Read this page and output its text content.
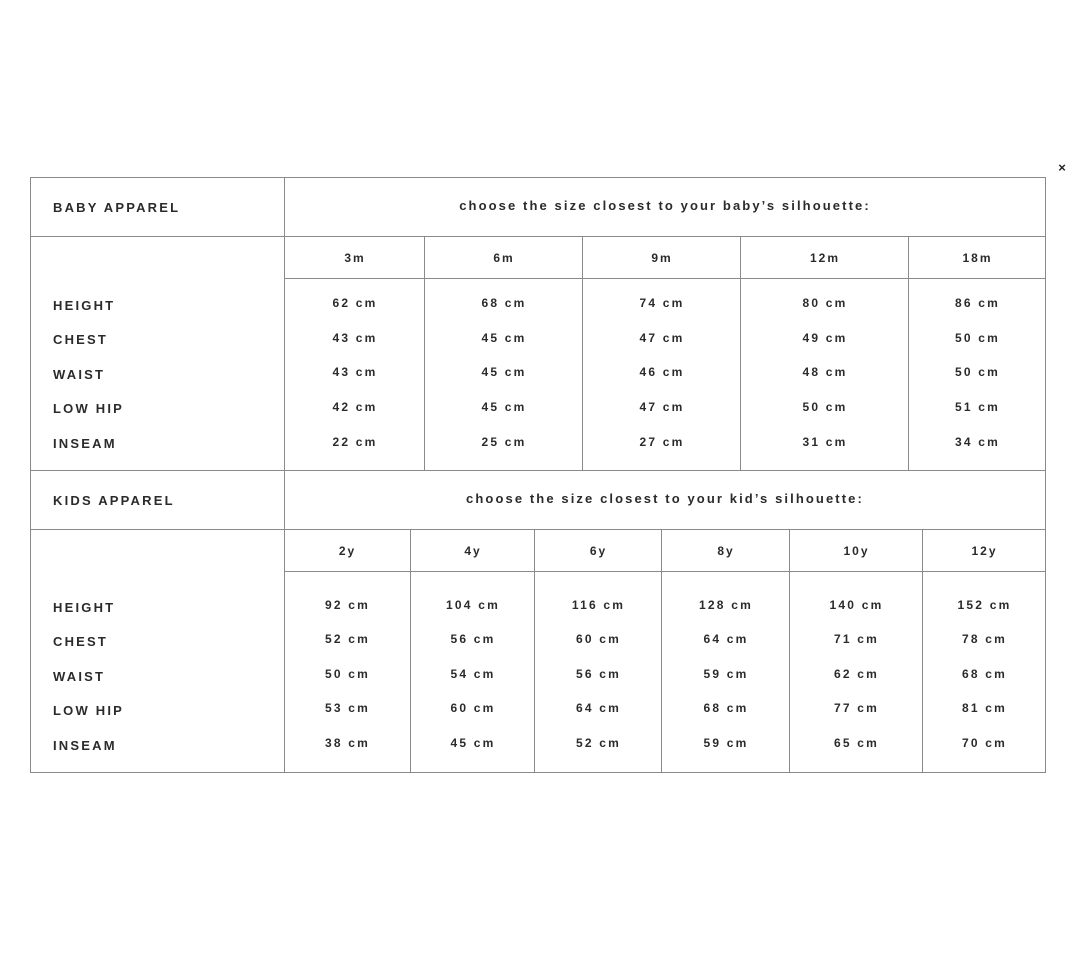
×
BABY APPAREL	choose the size closest to your baby’s silhouette:
HEIGHT
CHEST
WAIST
LOW HIP
INSEAM
3m
62 cm
43 cm
43 cm
42 cm
22 cm
6m
68 cm
45 cm
45 cm
45 cm
25 cm
9m
74 cm
47 cm
46 cm
47 cm
27 cm
12m
80 cm
49 cm
48 cm
50 cm
31 cm
18m
86 cm
50 cm
50 cm
51 cm
34 cm
KIDS APPAREL	choose the size closest to your kid’s silhouette:
HEIGHT
CHEST
WAIST
LOW HIP
INSEAM
2y
92 cm
52 cm
50 cm
53 cm
38 cm
4y
104 cm
56 cm
54 cm
60 cm
45 cm
6y
116 cm
60 cm
56 cm
64 cm
52 cm
8y
128 cm
64 cm
59 cm
68 cm
59 cm
10y
140 cm
71 cm
62 cm
77 cm
65 cm
12y
152 cm
78 cm
68 cm
81 cm
70 cm
